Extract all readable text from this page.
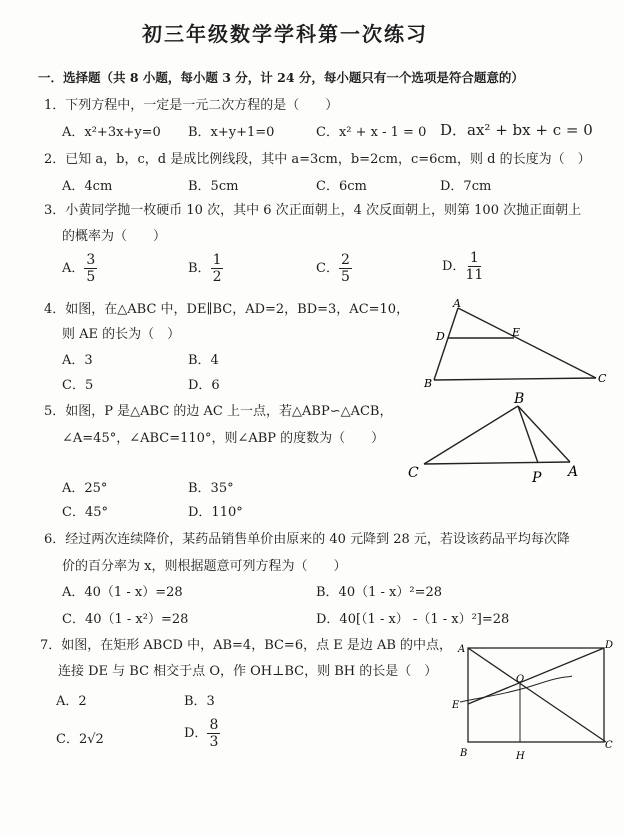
初三年级数学学科第一次练习
一．选择题（共 8 小题，每小题 3 分，计 24 分，每小题只有一个选项是符合题意的）
1．下列方程中，一定是一元二次方程的是（　　）
A．x²+3x+y=0 B．x+y+1=0	C．x² + x - 1 = 0 D．ax² + bx + c = 0
2．已知 a，b，c，d 是成比例线段，其中 a=3cm，b=2cm，c=6cm，则 d 的长度为（　）
A．4cm	B．5cm	C．6cm	D．7cm
3．小黄同学抛一枚硬币 10 次，其中 6 次正面朝上，4 次反面朝上，则第 100 次抛正面朝上
的概率为（　　）
A． $\frac{3}{5}$	B． $\frac{1}{2}$	C． $\frac{2}{5}$	D． $\frac{1}{11}$
4．如图，在△ABC 中，DE∥BC，AD=2，BD=3，AC=10，
则 AE 的长为（　）
A．3	B．4
C．5	D．6
A
B	C
D	E
5．如图，P 是△ABC 的边 AC 上一点，若△ABP∽△ACB，
∠A=45°，∠ABC=110°，则∠ABP 的度数为（　　）
A．25°	B．35°
C．45°	D．110°
B
C	A
P
6．经过两次连续降价，某药品销售单价由原来的 40 元降到 28 元，若设该药品平均每次降
价的百分率为 x，则根据题意可列方程为（　　）
A．40（1 - x）=28	B．40（1 - x）²=28
C．40（1 - x²）=28	D．40[（1 - x） -（1 - x）²]=28
7．如图，在矩形 ABCD 中，AB=4，BC=6，点 E 是边 AB 的中点，
连接 DE 与 BC 相交于点 O，作 OH⊥BC，则 BH 的长是（　）
A．2	B．3
C．2√2	D． $\frac{8}{3}$
A
B
C
D
E
O
H
